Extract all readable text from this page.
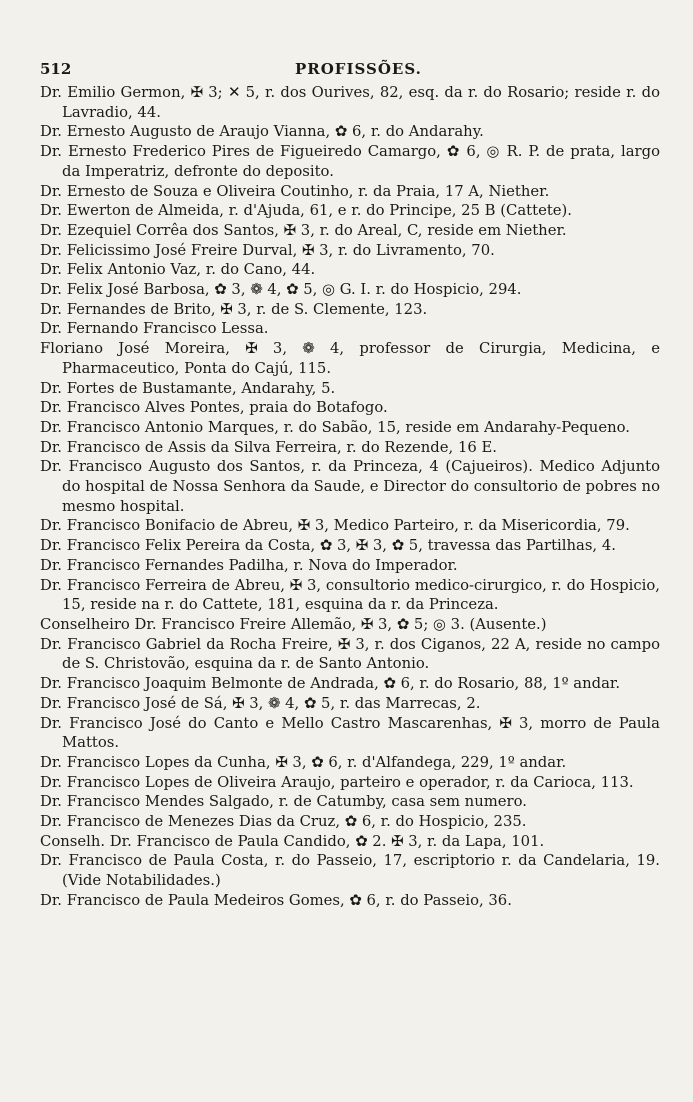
512	PROFISSÕES.
Dr. Emilio Germon, ✠ 3; ✕ 5, r. dos Ourives, 82, esq. da r. do Rosario; reside r. do Lavradio, 44.
Dr. Ernesto Augusto de Araujo Vianna, ✿ 6, r. do Andarahy.
Dr. Ernesto Frederico Pires de Figueiredo Camargo, ✿ 6, ◎ R. P. de prata, largo da Imperatriz, defronte do deposito.
Dr. Ernesto de Souza e Oliveira Coutinho, r. da Praia, 17 A, Niether.
Dr. Ewerton de Almeida, r. d'Ajuda, 61, e r. do Principe, 25 B (Cattete).
Dr. Ezequiel Corrêa dos Santos, ✠ 3, r. do Areal, C, reside em Niether.
Dr. Felicissimo José Freire Durval, ✠ 3, r. do Livramento, 70.
Dr. Felix Antonio Vaz, r. do Cano, 44.
Dr. Felix José Barbosa, ✿ 3, ❁ 4, ✿ 5, ◎ G. I. r. do Hospicio, 294.
Dr. Fernandes de Brito, ✠ 3, r. de S. Clemente, 123.
Dr. Fernando Francisco Lessa.
Floriano José Moreira, ✠ 3, ❁ 4, professor de Cirurgia, Medicina, e Pharmaceutico, Ponta do Cajú, 115.
Dr. Fortes de Bustamante, Andarahy, 5.
Dr. Francisco Alves Pontes, praia do Botafogo.
Dr. Francisco Antonio Marques, r. do Sabão, 15, reside em Andarahy-Pequeno.
Dr. Francisco de Assis da Silva Ferreira, r. do Rezende, 16 E.
Dr. Francisco Augusto dos Santos, r. da Princeza, 4 (Cajueiros). Medico Adjunto do hospital de Nossa Senhora da Saude, e Director do consultorio de pobres no mesmo hospital.
Dr. Francisco Bonifacio de Abreu, ✠ 3, Medico Parteiro, r. da Misericordia, 79.
Dr. Francisco Felix Pereira da Costa, ✿ 3, ✠ 3, ✿ 5, travessa das Partilhas, 4.
Dr. Francisco Fernandes Padilha, r. Nova do Imperador.
Dr. Francisco Ferreira de Abreu, ✠ 3, consultorio medico-cirurgico, r. do Hospicio, 15, reside na r. do Cattete, 181, esquina da r. da Princeza.
Conselheiro Dr. Francisco Freire Allemão, ✠ 3, ✿ 5; ◎ 3. (Ausente.)
Dr. Francisco Gabriel da Rocha Freire, ✠ 3, r. dos Ciganos, 22 A, reside no campo de S. Christovão, esquina da r. de Santo Antonio.
Dr. Francisco Joaquim Belmonte de Andrada, ✿ 6, r. do Rosario, 88, 1º andar.
Dr. Francisco José de Sá, ✠ 3, ❁ 4, ✿ 5, r. das Marrecas, 2.
Dr. Francisco José do Canto e Mello Castro Mascarenhas, ✠ 3, morro de Paula Mattos.
Dr. Francisco Lopes da Cunha, ✠ 3, ✿ 6, r. d'Alfandega, 229, 1º andar.
Dr. Francisco Lopes de Oliveira Araujo, parteiro e operador, r. da Carioca, 113.
Dr. Francisco Mendes Salgado, r. de Catumby, casa sem numero.
Dr. Francisco de Menezes Dias da Cruz, ✿ 6, r. do Hospicio, 235.
Conselh. Dr. Francisco de Paula Candido, ✿ 2. ✠ 3, r. da Lapa, 101.
Dr. Francisco de Paula Costa, r. do Passeio, 17, escriptorio r. da Candelaria, 19. (Vide Notabilidades.)
Dr. Francisco de Paula Medeiros Gomes, ✿ 6, r. do Passeio, 36.
